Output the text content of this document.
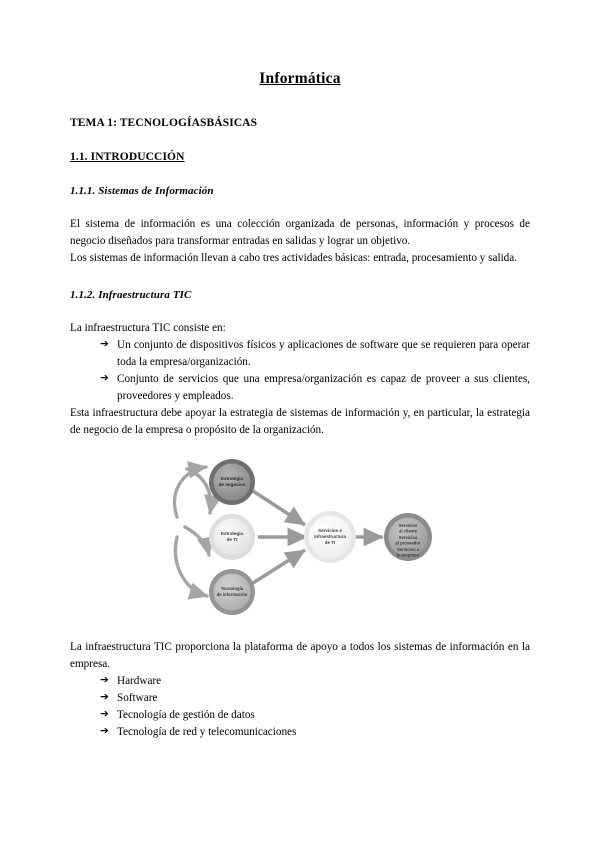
Informática
TEMA 1: TECNOLOGÍASBÁSICAS
1.1. INTRODUCCIÓN
1.1.1. Sistemas de Información

El sistema de información es una colección organizada de personas, información y procesos de negocio diseñados para transformar entradas en salidas y lograr un objetivo.

Los sistemas de información llevan a cabo tres actividades básicas: entrada, procesamiento y salida.

1.1.2. Infraestructura TIC

La infraestructura TIC consiste en:

➔ Un conjunto de dispositivos físicos y aplicaciones de software que se requieren para operar toda la empresa/organización.
➔ Conjunto de servicios que una empresa/organización es capaz de proveer a sus clientes, proveedores y empleados.

Esta infraestructura debe apoyar la estrategia de sistemas de información y, en particular, la estrategia de negocio de la empresa o propósito de la organización.

Estrategia
de negocios
Estrategia
de TI
Tecnología
de información
Servicios e
Infraestructura
de TI
Servicios
al cliente
Servicios
al proveedor
Servicios a
la empresa

La infraestructura TIC proporciona la plataforma de apoyo a todos los sistemas de información en la empresa.

➔ Hardware
➔ Software
➔ Tecnología de gestión de datos
➔ Tecnología de red y telecomunicaciones
